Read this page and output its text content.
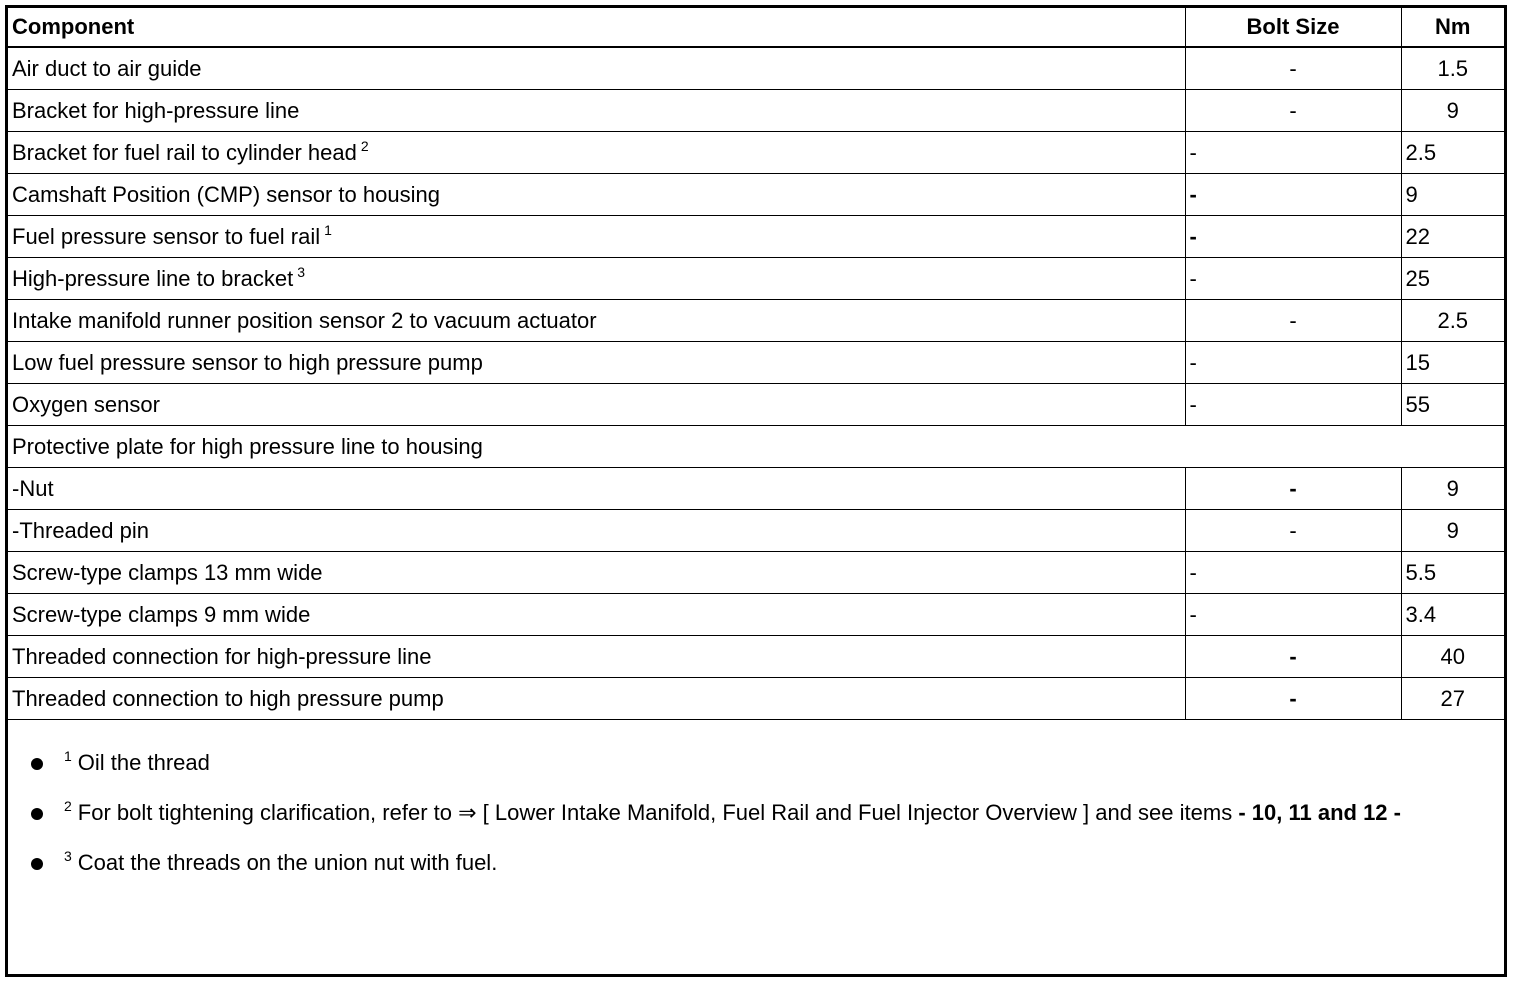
Component	Bolt Size	Nm
Air duct to air guide	-	1.5
Bracket for high-pressure line	-	9
Bracket for fuel rail to cylinder head $^2$	-	2.5
Camshaft Position (CMP) sensor to housing	-	9
Fuel pressure sensor to fuel rail $^1$	-	22
High-pressure line to bracket $^3$	-	25
Intake manifold runner position sensor 2 to vacuum actuator	-	2.5
Low fuel pressure sensor to high pressure pump	-	15
Oxygen sensor	-	55
Protective plate for high pressure line to housing		
-Nut	-	9
-Threaded pin	-	9
Screw-type clamps 13 mm wide	-	5.5
Screw-type clamps 9 mm wide	-	3.4
Threaded connection for high-pressure line	-	40
Threaded connection to high pressure pump	-	27
$^1$ Oil the thread
$^2$ For bolt tightening clarification, refer to ⇒ [ Lower Intake Manifold, Fuel Rail and Fuel Injector Overview ] and see items - 10, 11 and 12 -
$^3$ Coat the threads on the union nut with fuel.
